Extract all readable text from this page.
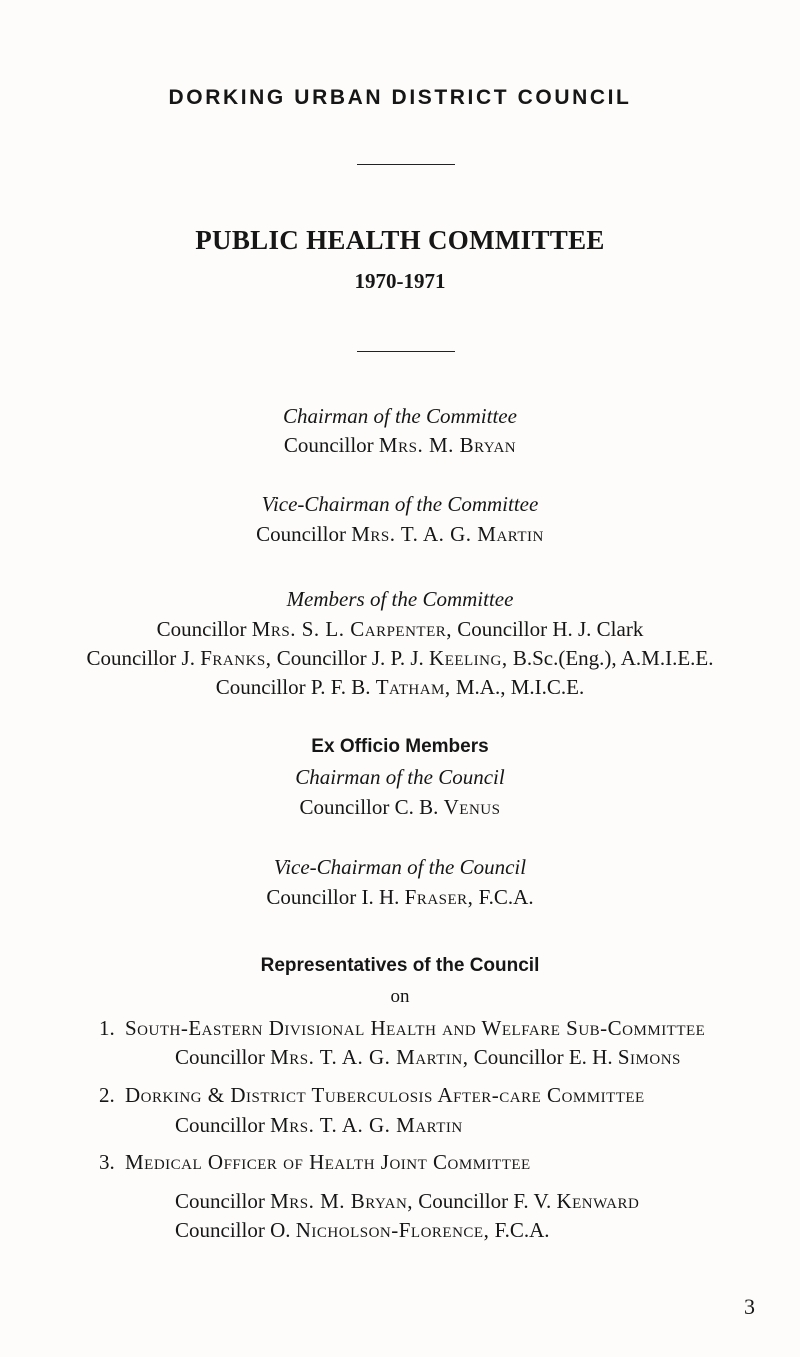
DORKING URBAN DISTRICT COUNCIL
PUBLIC HEALTH COMMITTEE
1970-1971
Chairman of the Committee
Councillor Mrs. M. Bryan
Vice-Chairman of the Committee
Councillor Mrs. T. A. G. Martin
Members of the Committee
Councillor Mrs. S. L. Carpenter, Councillor H. J. Clark
Councillor J. Franks, Councillor J. P. J. Keeling, B.Sc.(Eng.), A.M.I.E.E.
Councillor P. F. B. Tatham, M.A., M.I.C.E.
Ex Officio Members
Chairman of the Council
Councillor C. B. Venus
Vice-Chairman of the Council
Councillor I. H. Fraser, F.C.A.
Representatives of the Council
on
1. South-Eastern Divisional Health and Welfare Sub-Committee
Councillor Mrs. T. A. G. Martin, Councillor E. H. Simons
2. Dorking & District Tuberculosis After-care Committee
Councillor Mrs. T. A. G. Martin
3. Medical Officer of Health Joint Committee
Councillor Mrs. M. Bryan, Councillor F. V. Kenward
Councillor O. Nicholson-Florence, F.C.A.
3
